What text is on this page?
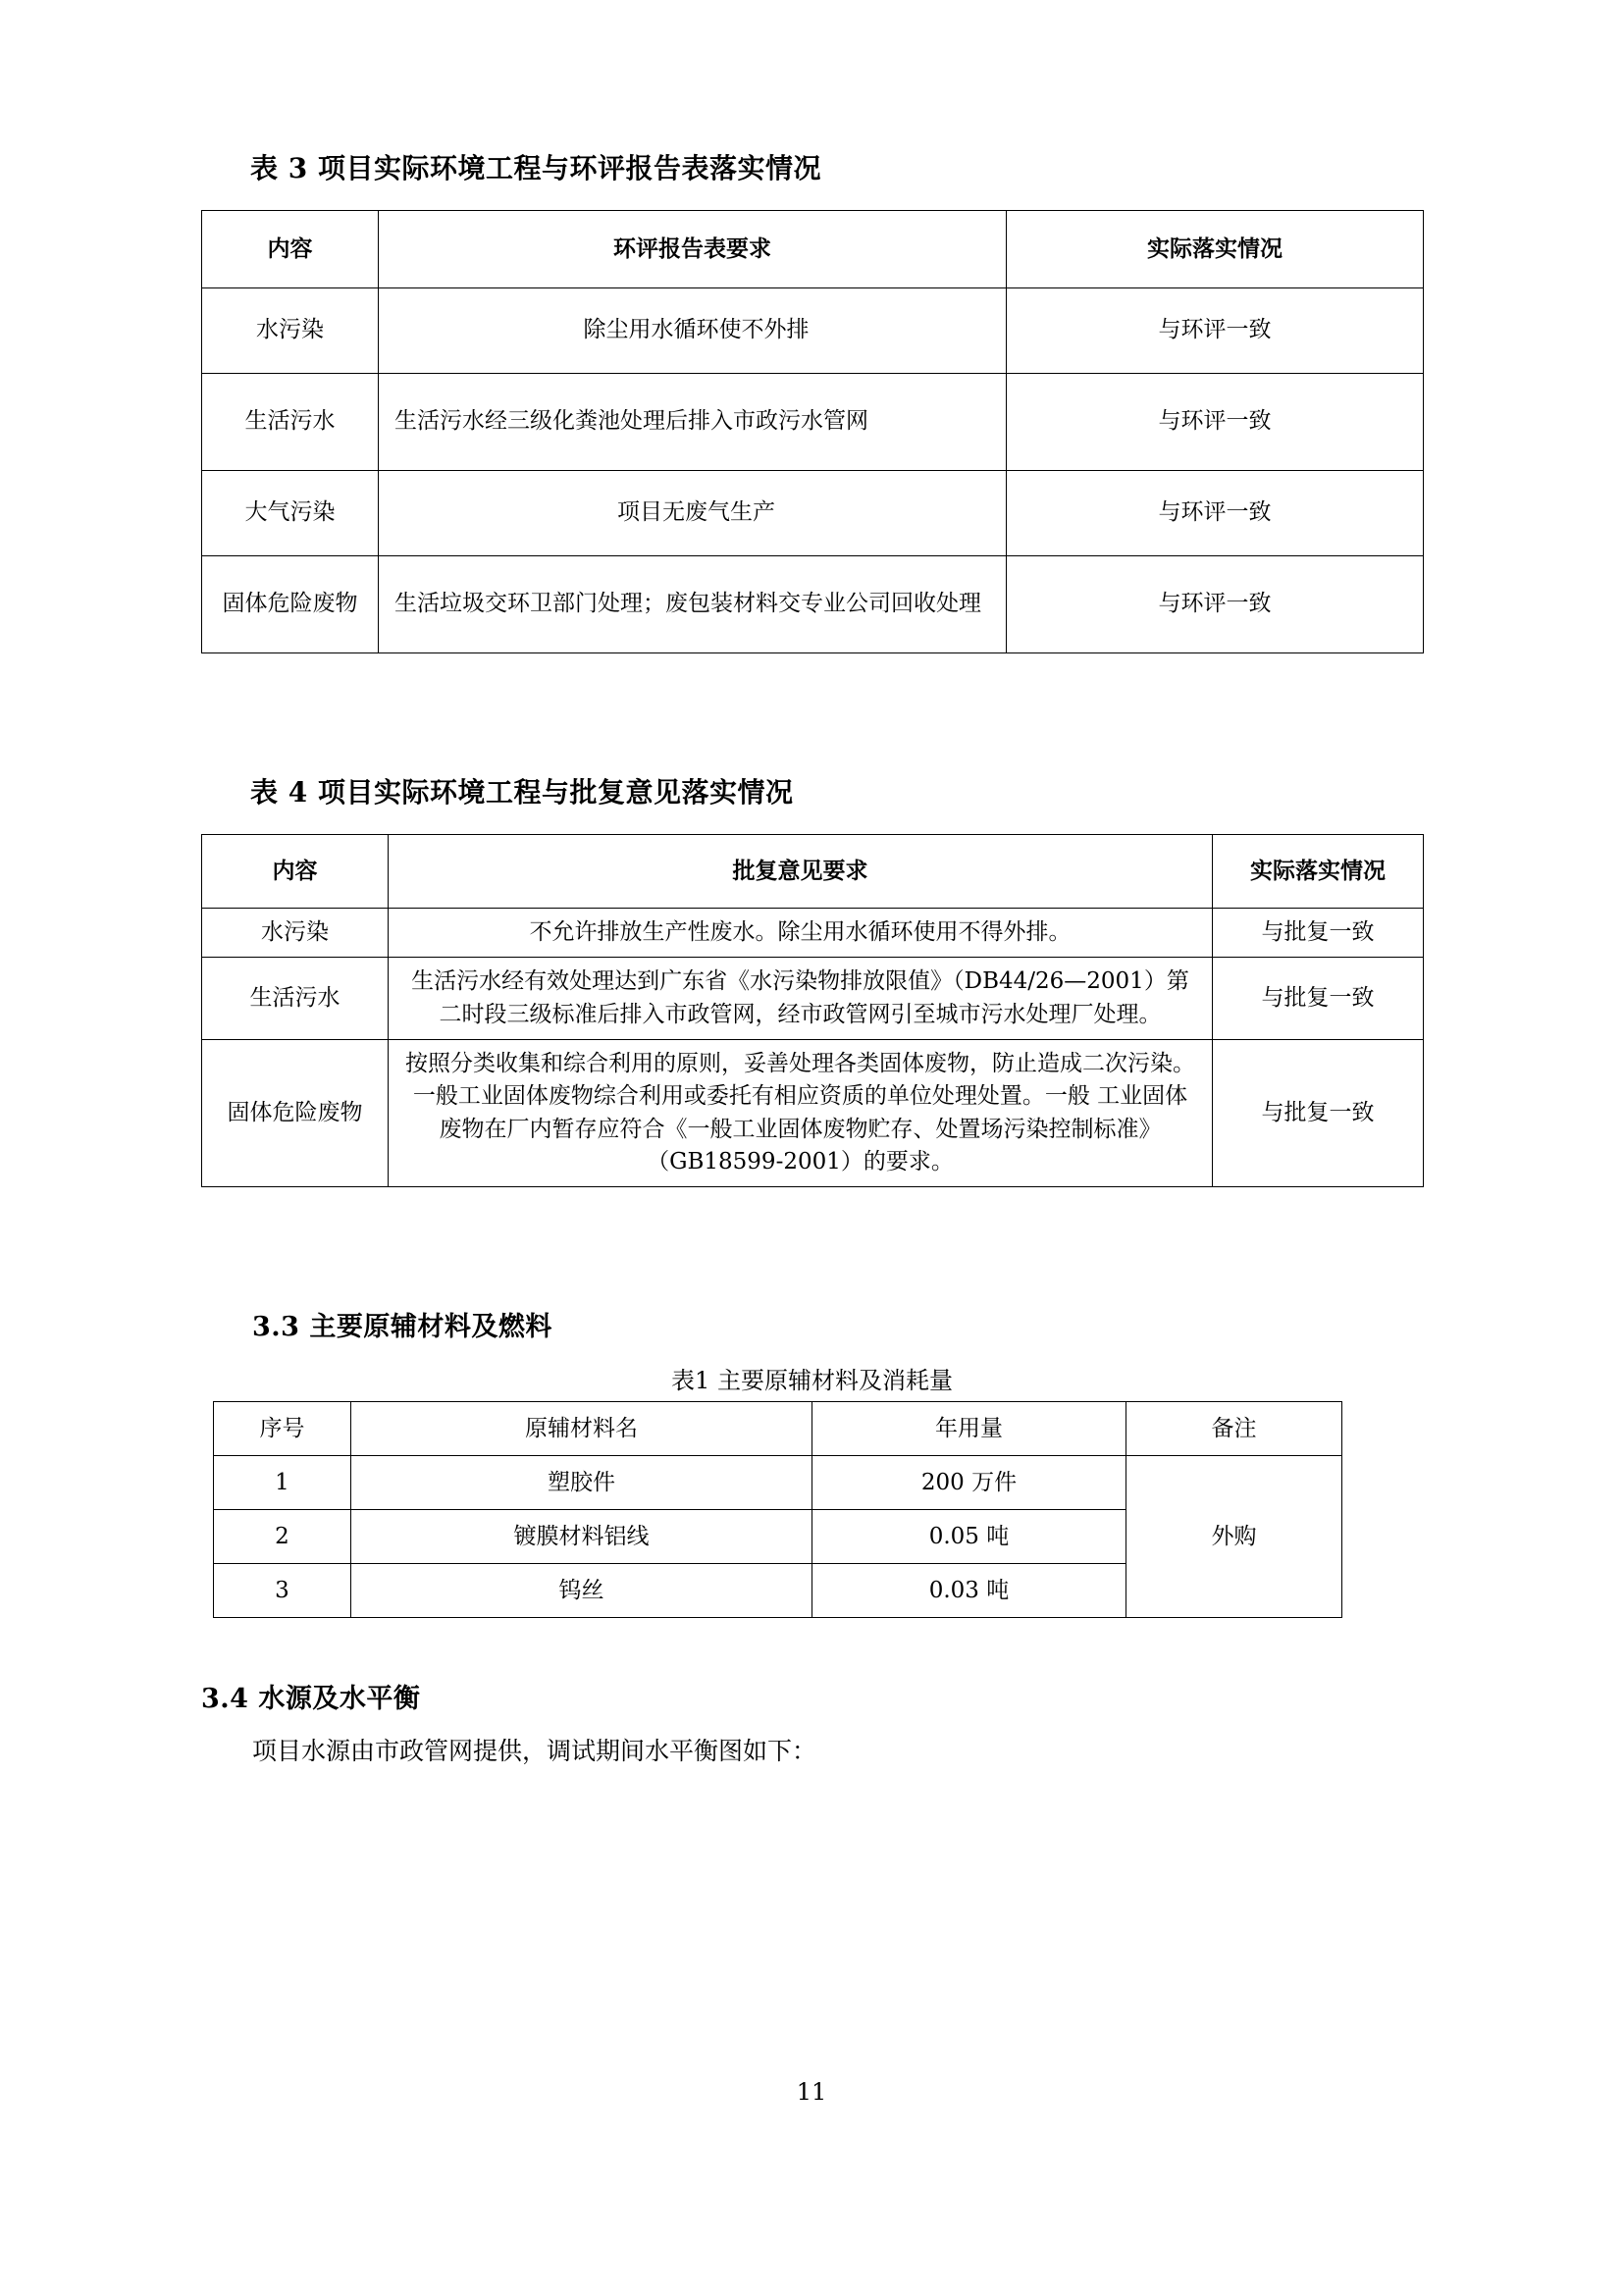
表 3 项目实际环境工程与环评报告表落实情况
内容	环评报告表要求	实际落实情况
水污染	除尘用水循环使不外排	与环评一致
生活污水	生活污水经三级化粪池处理后排入市政污水管网	与环评一致
大气污染	项目无废气生产	与环评一致
固体危险废物	生活垃圾交环卫部门处理；废包装材料交专业公司回收处理	与环评一致
表 4 项目实际环境工程与批复意见落实情况
内容	批复意见要求	实际落实情况
水污染	不允许排放生产性废水。除尘用水循环使用不得外排。	与批复一致
生活污水	生活污水经有效处理达到广东省《水污染物排放限值》（DB44/26—2001）第二时段三级标准后排入市政管网，经市政管网引至城市污水处理厂处理。	与批复一致
固体危险废物	按照分类收集和综合利用的原则，妥善处理各类固体废物，防止造成二次污染。一般工业固体废物综合利用或委托有相应资质的单位处理处置。一般 工业固体废物在厂内暂存应符合《一般工业固体废物贮存、处置场污染控制标准》（GB18599-2001）的要求。	与批复一致
3.3 主要原辅材料及燃料
表1 主要原辅材料及消耗量
序号	原辅材料名	年用量	备注
1	塑胶件	200 万件	外购
2	镀膜材料铝线	0.05 吨	
3	钨丝	0.03 吨	
3.4 水源及水平衡
项目水源由市政管网提供，调试期间水平衡图如下：
11
